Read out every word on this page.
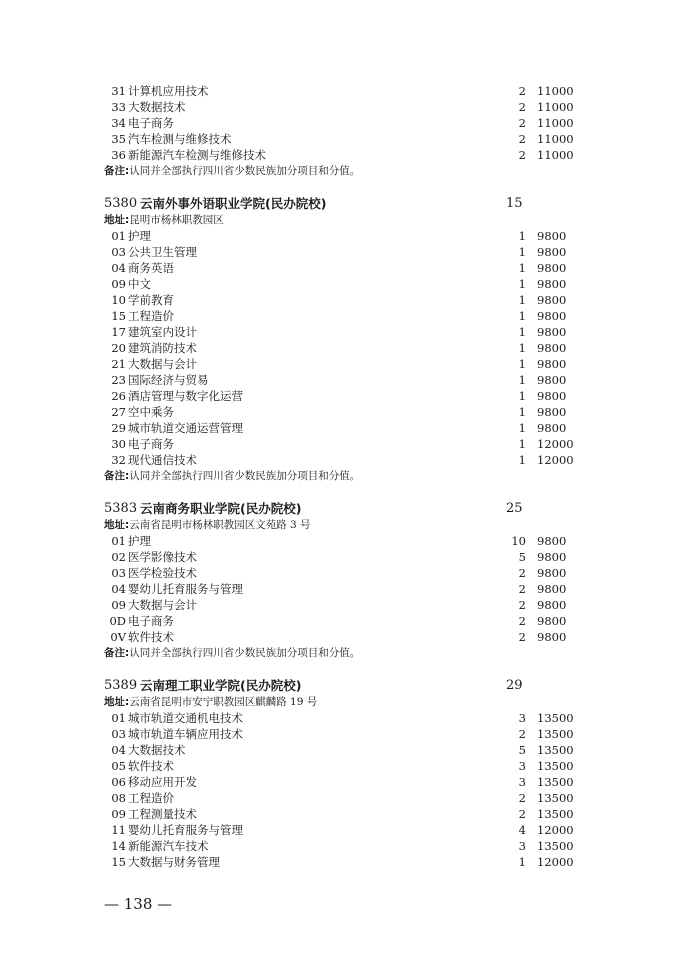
31 计算机应用技术	2 11000
33 大数据技术	2 11000
34 电子商务	2 11000
35 汽车检测与维修技术	2 11000
36 新能源汽车检测与维修技术	2 11000
备注:认同并全部执行四川省少数民族加分项目和分值。
5380 云南外事外语职业学院(民办院校)	15
地址:昆明市杨林职教园区
01 护理	1 9800
03 公共卫生管理	1 9800
04 商务英语	1 9800
09 中文	1 9800
10 学前教育	1 9800
15 工程造价	1 9800
17 建筑室内设计	1 9800
20 建筑消防技术	1 9800
21 大数据与会计	1 9800
23 国际经济与贸易	1 9800
26 酒店管理与数字化运营	1 9800
27 空中乘务	1 9800
29 城市轨道交通运营管理	1 9800
30 电子商务	1 12000
32 现代通信技术	1 12000
备注:认同并全部执行四川省少数民族加分项目和分值。
5383 云南商务职业学院(民办院校)	25
地址:云南省昆明市杨林职教园区文苑路 3 号
01 护理	10 9800
02 医学影像技术	5 9800
03 医学检验技术	2 9800
04 婴幼儿托育服务与管理	2 9800
09 大数据与会计	2 9800
0D 电子商务	2 9800
0V 软件技术	2 9800
备注:认同并全部执行四川省少数民族加分项目和分值。
5389 云南理工职业学院(民办院校)	29
地址:云南省昆明市安宁职教园区麒麟路 19 号
01 城市轨道交通机电技术	3 13500
03 城市轨道车辆应用技术	2 13500
04 大数据技术	5 13500
05 软件技术	3 13500
06 移动应用开发	3 13500
08 工程造价	2 13500
09 工程测量技术	2 13500
11 婴幼儿托育服务与管理	4 12000
14 新能源汽车技术	3 13500
15 大数据与财务管理	1 12000
— 138 —
